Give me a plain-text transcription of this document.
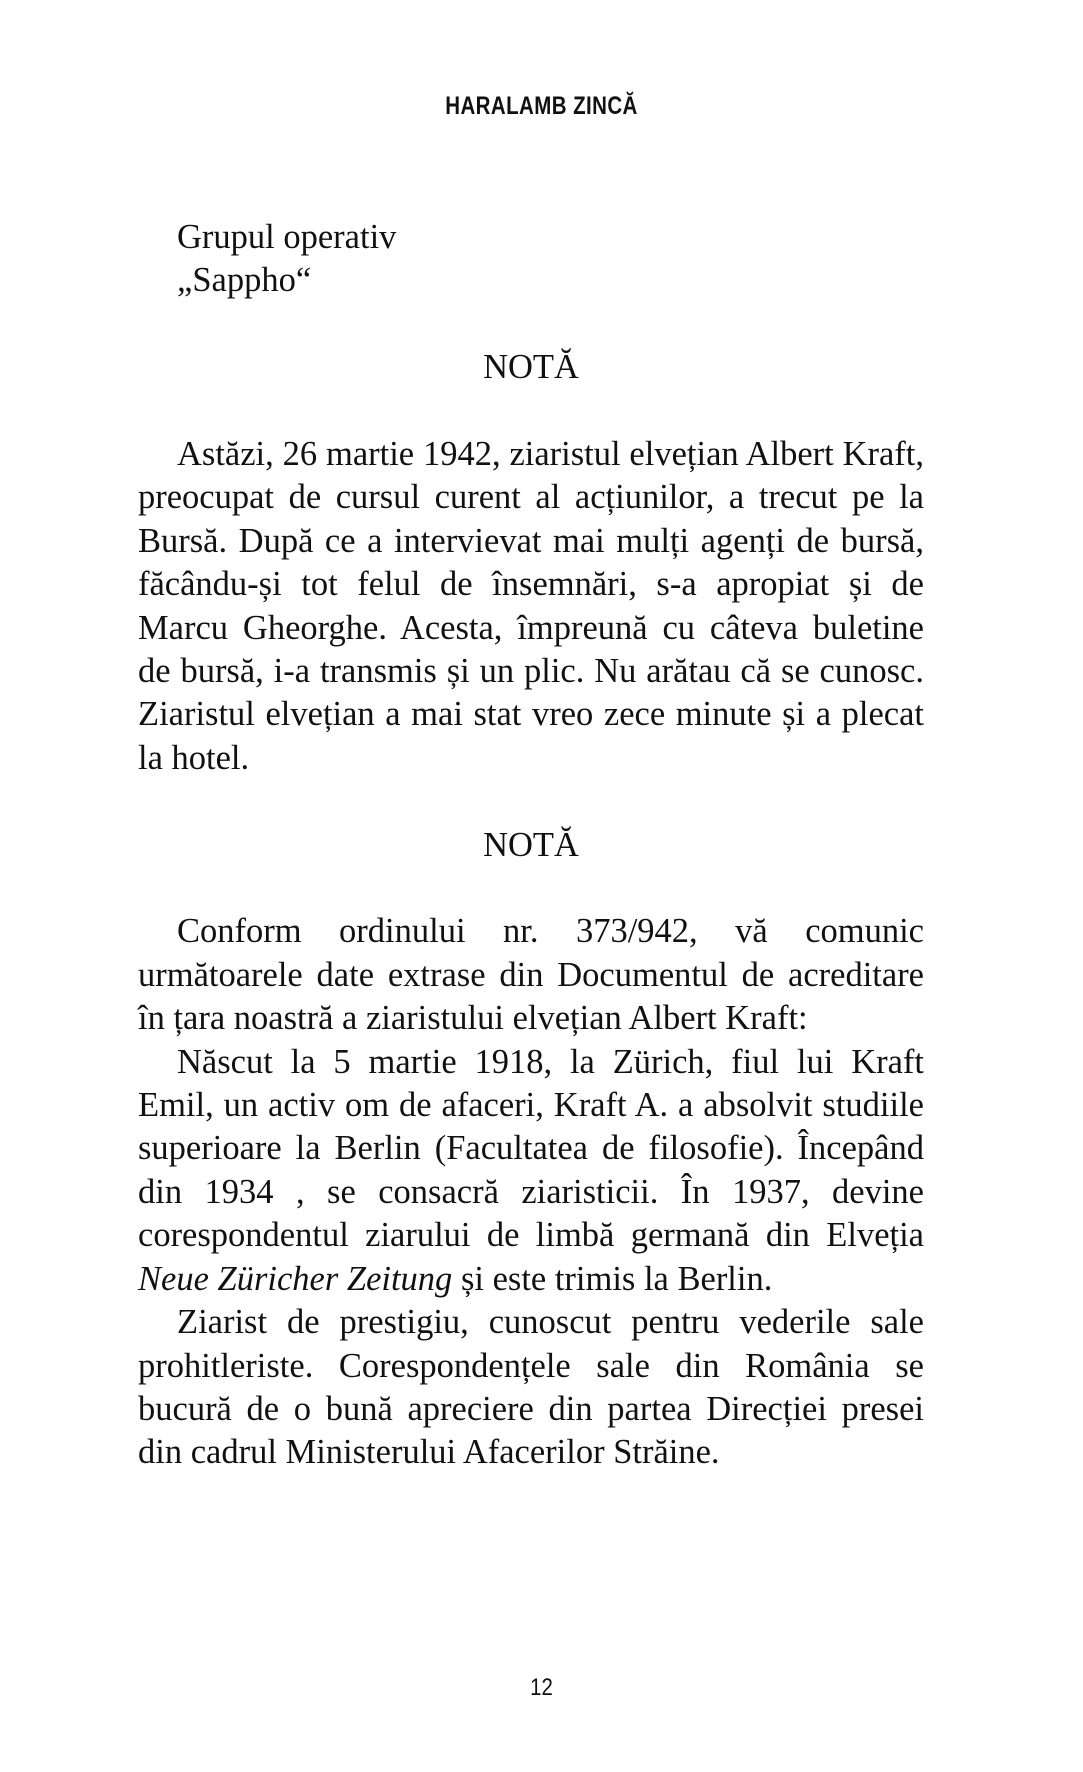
HARALAMB ZINCĂ

Grupul operativ

„Sappho“

NOTĂ

Astăzi, 26 martie 1942, ziaristul elvețian Albert Kraft, preocupat de cursul curent al acțiunilor, a trecut pe la Bursă. După ce a intervievat mai mulți agenți de bursă, făcându-și tot felul de însemnări, s-a apropiat și de Marcu Gheorghe. Acesta, împreună cu câteva buletine de bursă, i-a transmis și un plic. Nu arătau că se cunosc. Ziaristul elvețian a mai stat vreo zece minute și a plecat la hotel.

NOTĂ

Conform ordinului nr. 373/942, vă comunic următoarele date extrase din Documentul de acreditare în țara noastră a ziaristului elvețian Albert Kraft:

Născut la 5 martie 1918, la Zürich, fiul lui Kraft Emil, un activ om de afaceri, Kraft A. a absolvit studiile superioare la Berlin (Facultatea de filosofie). Începând din 1934 , se consacră ziaristicii. În 1937, devine corespondentul ziarului de limbă germană din Elveția Neue Züricher Zeitung și este trimis la Berlin.

Ziarist de prestigiu, cunoscut pentru vederile sale prohitleriste. Corespondențele sale din România se bucură de o bună apreciere din partea Direcției presei din cadrul Ministerului Afacerilor Străine.

12
